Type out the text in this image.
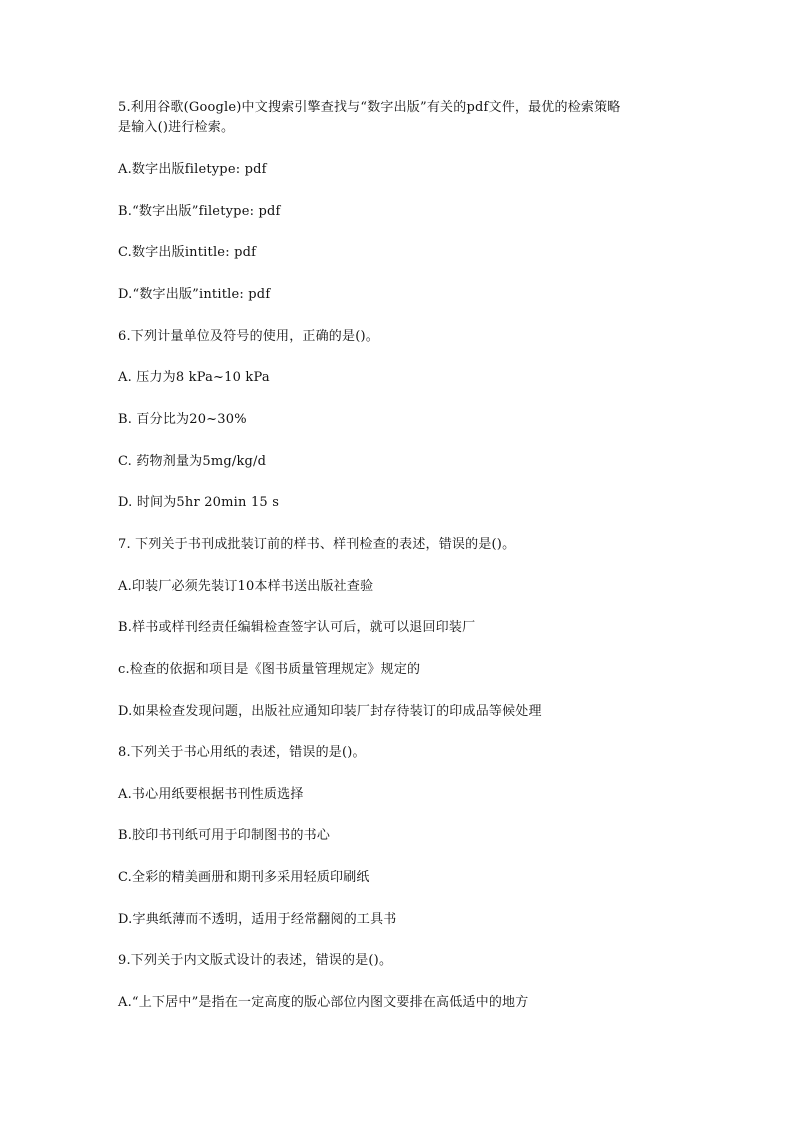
5.利用谷歌(Google)中文搜索引擎查找与“数字出版”有关的pdf文件，最优的检索策略

是输入()进行检索。

A.数字出版filetype: pdf

B.“数字出版”filetype: pdf

C.数字出版intitle: pdf

D.“数字出版”intitle: pdf

6.下列计量单位及符号的使用，正确的是()。

A. 压力为8 kPa~10 kPa

B. 百分比为20~30%

C. 药物剂量为5mg/kg/d

D. 时间为5hr 20min 15 s

7. 下列关于书刊成批装订前的样书、样刊检查的表述，错误的是()。

A.印装厂必须先装订10本样书送出版社查验

B.样书或样刊经责任编辑检查签字认可后，就可以退回印装厂

c.检查的依据和项目是《图书质量管理规定》规定的

D.如果检查发现问题，出版社应通知印装厂封存待装订的印成品等候处理

8.下列关于书心用纸的表述，错误的是()。

A.书心用纸要根据书刊性质选择

B.胶印书刊纸可用于印制图书的书心

C.全彩的精美画册和期刊多采用轻质印刷纸

D.字典纸薄而不透明，适用于经常翻阅的工具书

9.下列关于内文版式设计的表述，错误的是()。

A.“上下居中”是指在一定高度的版心部位内图文要排在高低适中的地方
